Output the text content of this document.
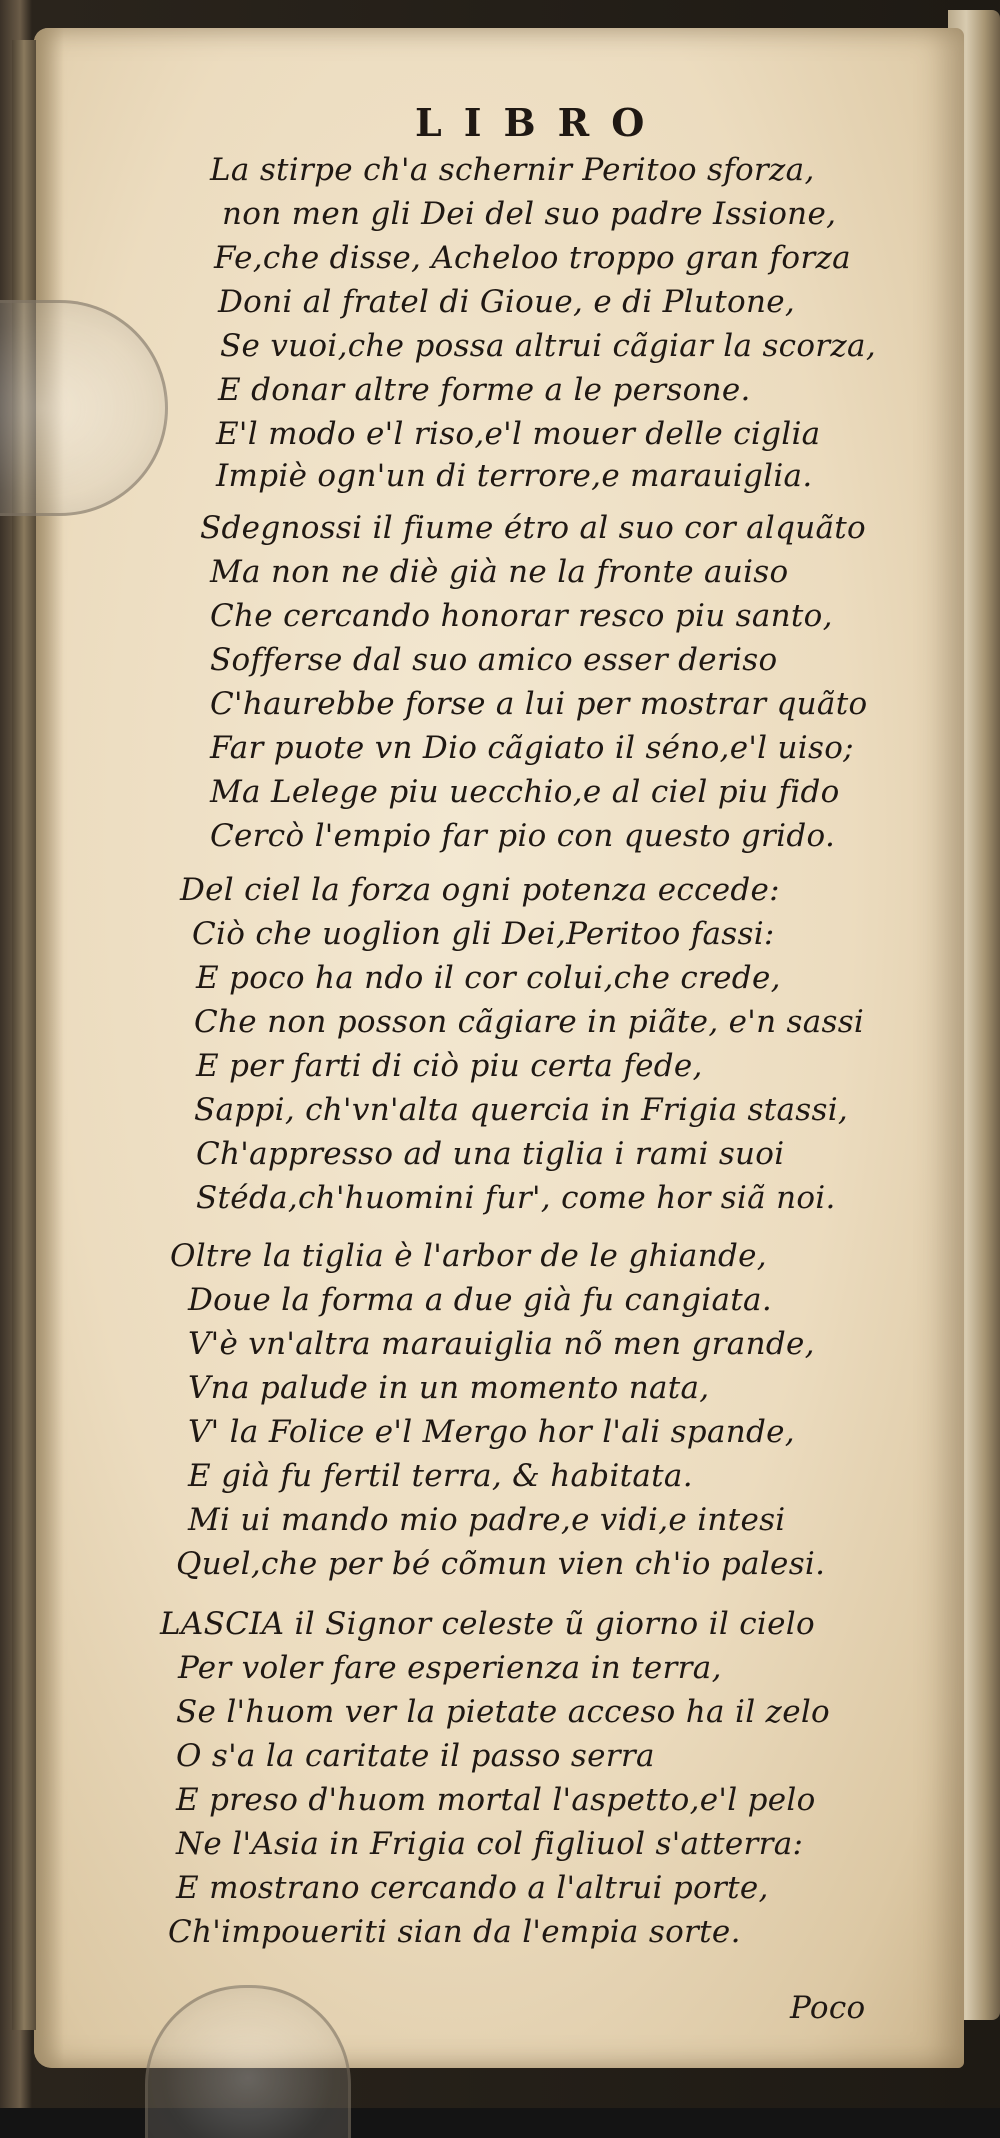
LIBRO
La stirpe ch'a schernir Peritoo sforza,
non men gli Dei del suo padre Issione,
Fe,che disse, Acheloo troppo gran forza
Doni al fratel di Gioue, e di Plutone,
Se vuoi,che possa altrui cãgiar la scorza,
E donar altre forme a le persone.
E'l modo e'l riso,e'l mouer delle ciglia
Impiè ogn'un di terrore,e marauiglia.
Sdegnossi il fiume étro al suo cor alquãto
Ma non ne diè già ne la fronte auiso
Che cercando honorar resco piu santo,
Sofferse dal suo amico esser deriso
C'haurebbe forse a lui per mostrar quãto
Far puote vn Dio cãgiato il séno,e'l uiso;
Ma Lelege piu uecchio,e al ciel piu fido
Cercò l'empio far pio con questo grido.
Del ciel la forza ogni potenza eccede:
Ciò che uoglion gli Dei,Peritoo fassi:
E poco ha ndo il cor colui,che crede,
Che non posson cãgiare in piãte, e'n sassi
E per farti di ciò piu certa fede,
Sappi, ch'vn'alta quercia in Frigia stassi,
Ch'appresso ad una tiglia i rami suoi
Stéda,ch'huomini fur', come hor siã noi.
Oltre la tiglia è l'arbor de le ghiande,
Doue la forma a due già fu cangiata.
V'è vn'altra marauiglia nõ men grande,
Vna palude in un momento nata,
V' la Folice e'l Mergo hor l'ali spande,
E già fu fertil terra, & habitata.
Mi ui mando mio padre,e vidi,e intesi
Quel,che per bé cõmun vien ch'io palesi.
LASCIA il Signor celeste ũ giorno il cielo
Per voler fare esperienza in terra,
Se l'huom ver la pietate acceso ha il zelo
O s'a la caritate il passo serra
E preso d'huom mortal l'aspetto,e'l pelo
Ne l'Asia in Frigia col figliuol s'atterra:
E mostrano cercando a l'altrui porte,
Ch'impoueriti sian da l'empia sorte.
Poco
